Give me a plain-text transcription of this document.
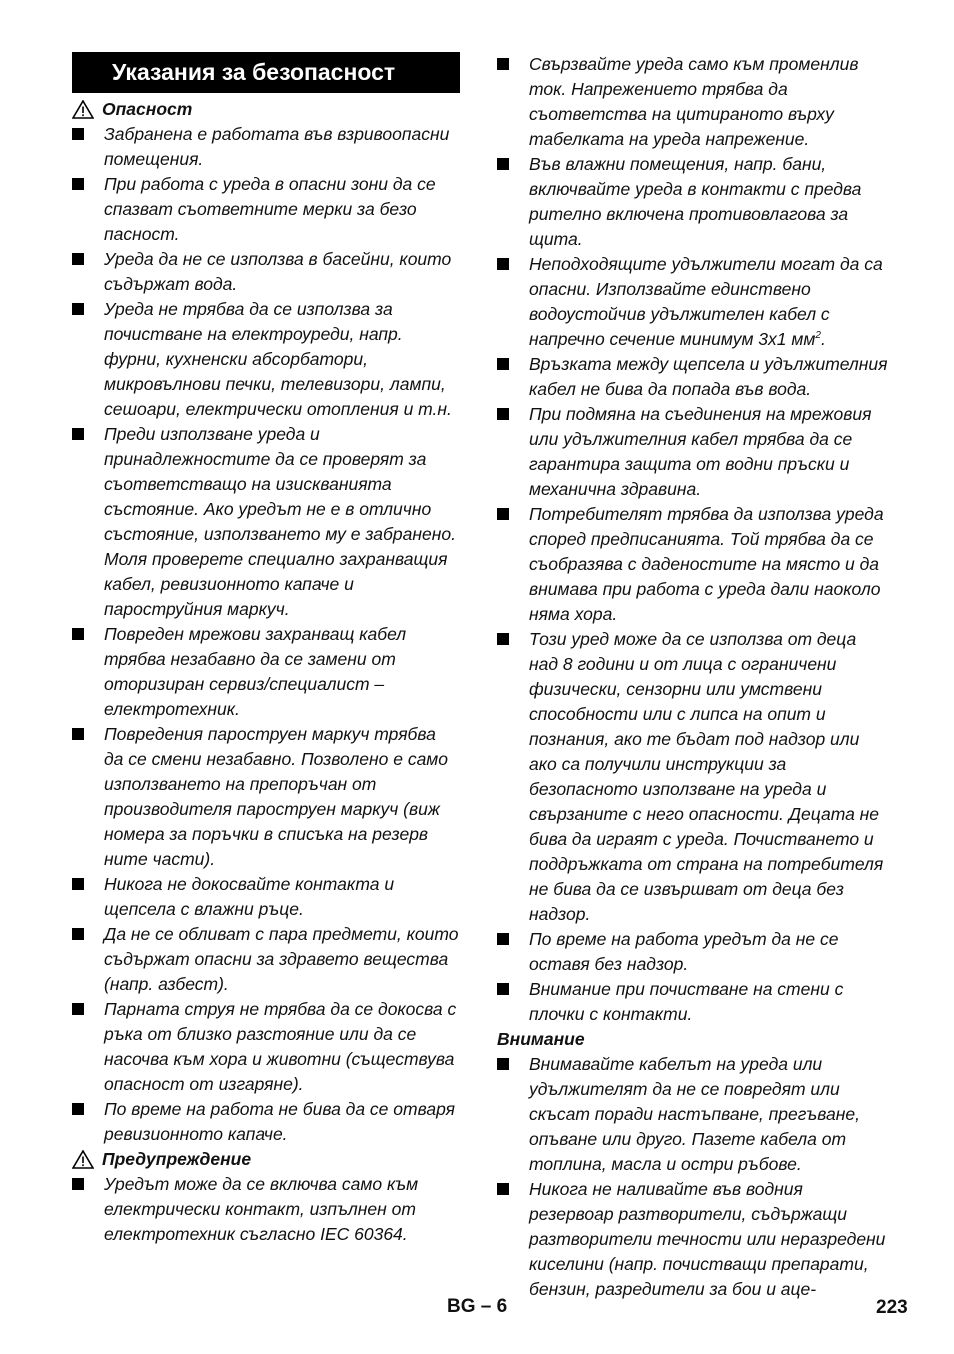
Указания за безопасност
Опасност
Забранена е работата във взривоопасни помещения.
При работа с уреда в опасни зони да се спазват съответните мерки за безо пасност.
Уреда да не се използва в басейни, които съдържат вода.
Уреда не трябва да се използва за почистване на електроуреди, напр. фурни, кухненски абсорбатори, микровълнови печки, телевизори, лампи, сешоари, електрически отопления и т.н.
Преди използване уреда и принадлежностите да се проверят за съответстващо на изискванията състояние. Ако уредът не е в отлично състояние, използването му е забранено. Моля проверете специално захранващия кабел, ревизионното капаче и пароструйния маркуч.
Повреден мрежови захранващ кабел трябва незабавно да се замени от оторизиран сервиз/специалист – електротехник.
Повредения пароструен маркуч трябва да се смени незабавно. Позволено е само използването на препоръчан от производителя пароструен маркуч (виж номера за поръчки в списъка на резерв ните части).
Никога не докосвайте контакта и щепсела с влажни ръце.
Да не се обливат с пара предмети, които съдържат опасни за здравето вещества (напр. азбест).
Парната струя не трябва да се докосва с ръка от близко разстояние или да се насочва към хора и животни (съществува опасност от изгаряне).
По време на работа не бива да се отваря ревизионното капаче.
Предупреждение
Уредът може да се включва само към електрически контакт, изпълнен от електротехник съгласно IEC 60364.
Свързвайте уреда само към променлив ток. Напрежението трябва да съответства на цитираното върху табелката на уреда напрежение.
Във влажни помещения, напр. бани, включвайте уреда в контакти с предва рително включена противовлагова за щита.
Неподходящите удължители могат да са опасни. Използвайте единствено водоустойчив удължителен кабел с напречно сечение минимум 3x1 $мм^2$.
Връзката между щепсела и удължителния кабел не бива да попада във вода.
При подмяна на съединения на мрежовия или удължителния кабел трябва да се гарантира защита от водни пръски и механична здравина.
Потребителят трябва да използва уреда според предписанията. Той трябва да се съобразява с даденостите на място и да внимава при работа с уреда дали наоколо няма хора.
Този уред може да се използва от деца над 8 години и от лица с ограничени физически, сензорни или умствени способности или с липса на опит и познания, ако те бъдат под надзор или ако са получили инструкции за безопасното използване на уреда и свързаните с него опасности. Децата не бива да играят с уреда. Почистването и поддръжката от страна на потребителя не бива да се извършват от деца без надзор.
По време на работа уредът да не се оставя без надзор.
Внимание при почистване на стени с плочки с контакти.
Внимание
Внимавайте кабелът на уреда или удължителят да не се повредят или скъсат поради настъпване, прегъване, опъване или друго. Пазете кабела от топлина, масла и остри ръбове.
Никога не наливайте във водния резервоар разтворители, съдържащи разтворители течности или неразредени киселини (напр. почистващи препарати, бензин, разредители за бои и аце-
BG – 6	223
